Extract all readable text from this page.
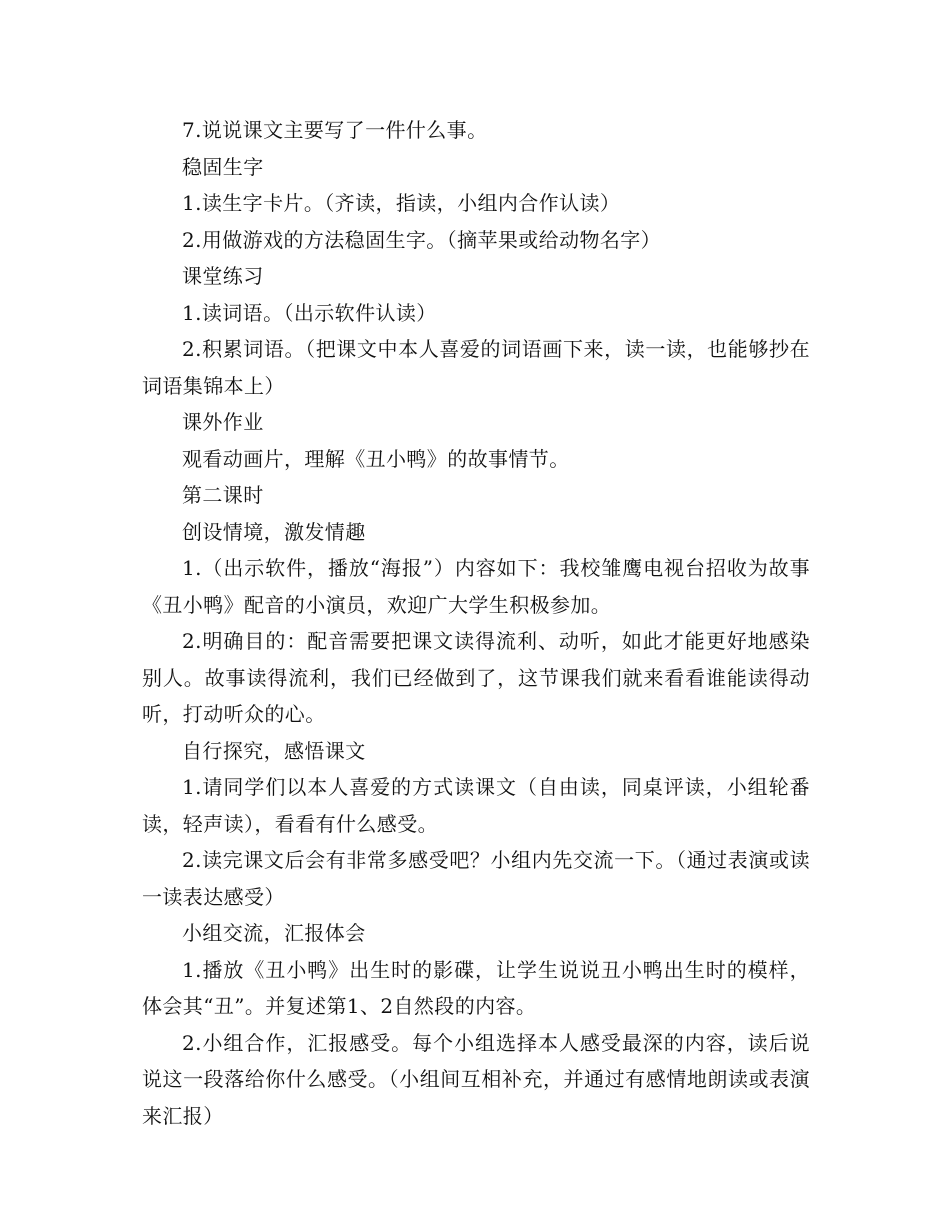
7.说说课文主要写了一件什么事。

稳固生字

1.读生字卡片。（齐读，指读，小组内合作认读）

2.用做游戏的方法稳固生字。（摘苹果或给动物名字）

课堂练习

1.读词语。（出示软件认读）

2.积累词语。（把课文中本人喜爱的词语画下来，读一读，也能够抄在词语集锦本上）

课外作业

观看动画片，理解《丑小鸭》的故事情节。

第二课时

创设情境，激发情趣

1.（出示软件，播放“海报”）内容如下：我校雏鹰电视台招收为故事《丑小鸭》配音的小演员，欢迎广大学生积极参加。

2.明确目的：配音需要把课文读得流利、动听，如此才能更好地感染别人。故事读得流利，我们已经做到了，这节课我们就来看看谁能读得动听，打动听众的心。

自行探究，感悟课文

1.请同学们以本人喜爱的方式读课文（自由读，同桌评读，小组轮番读，轻声读），看看有什么感受。

2.读完课文后会有非常多感受吧？小组内先交流一下。（通过表演或读一读表达感受）

小组交流，汇报体会

1.播放《丑小鸭》出生时的影碟，让学生说说丑小鸭出生时的模样，体会其“丑”。并复述第1、2自然段的内容。

2.小组合作，汇报感受。每个小组选择本人感受最深的内容，读后说说这一段落给你什么感受。（小组间互相补充，并通过有感情地朗读或表演来汇报）
